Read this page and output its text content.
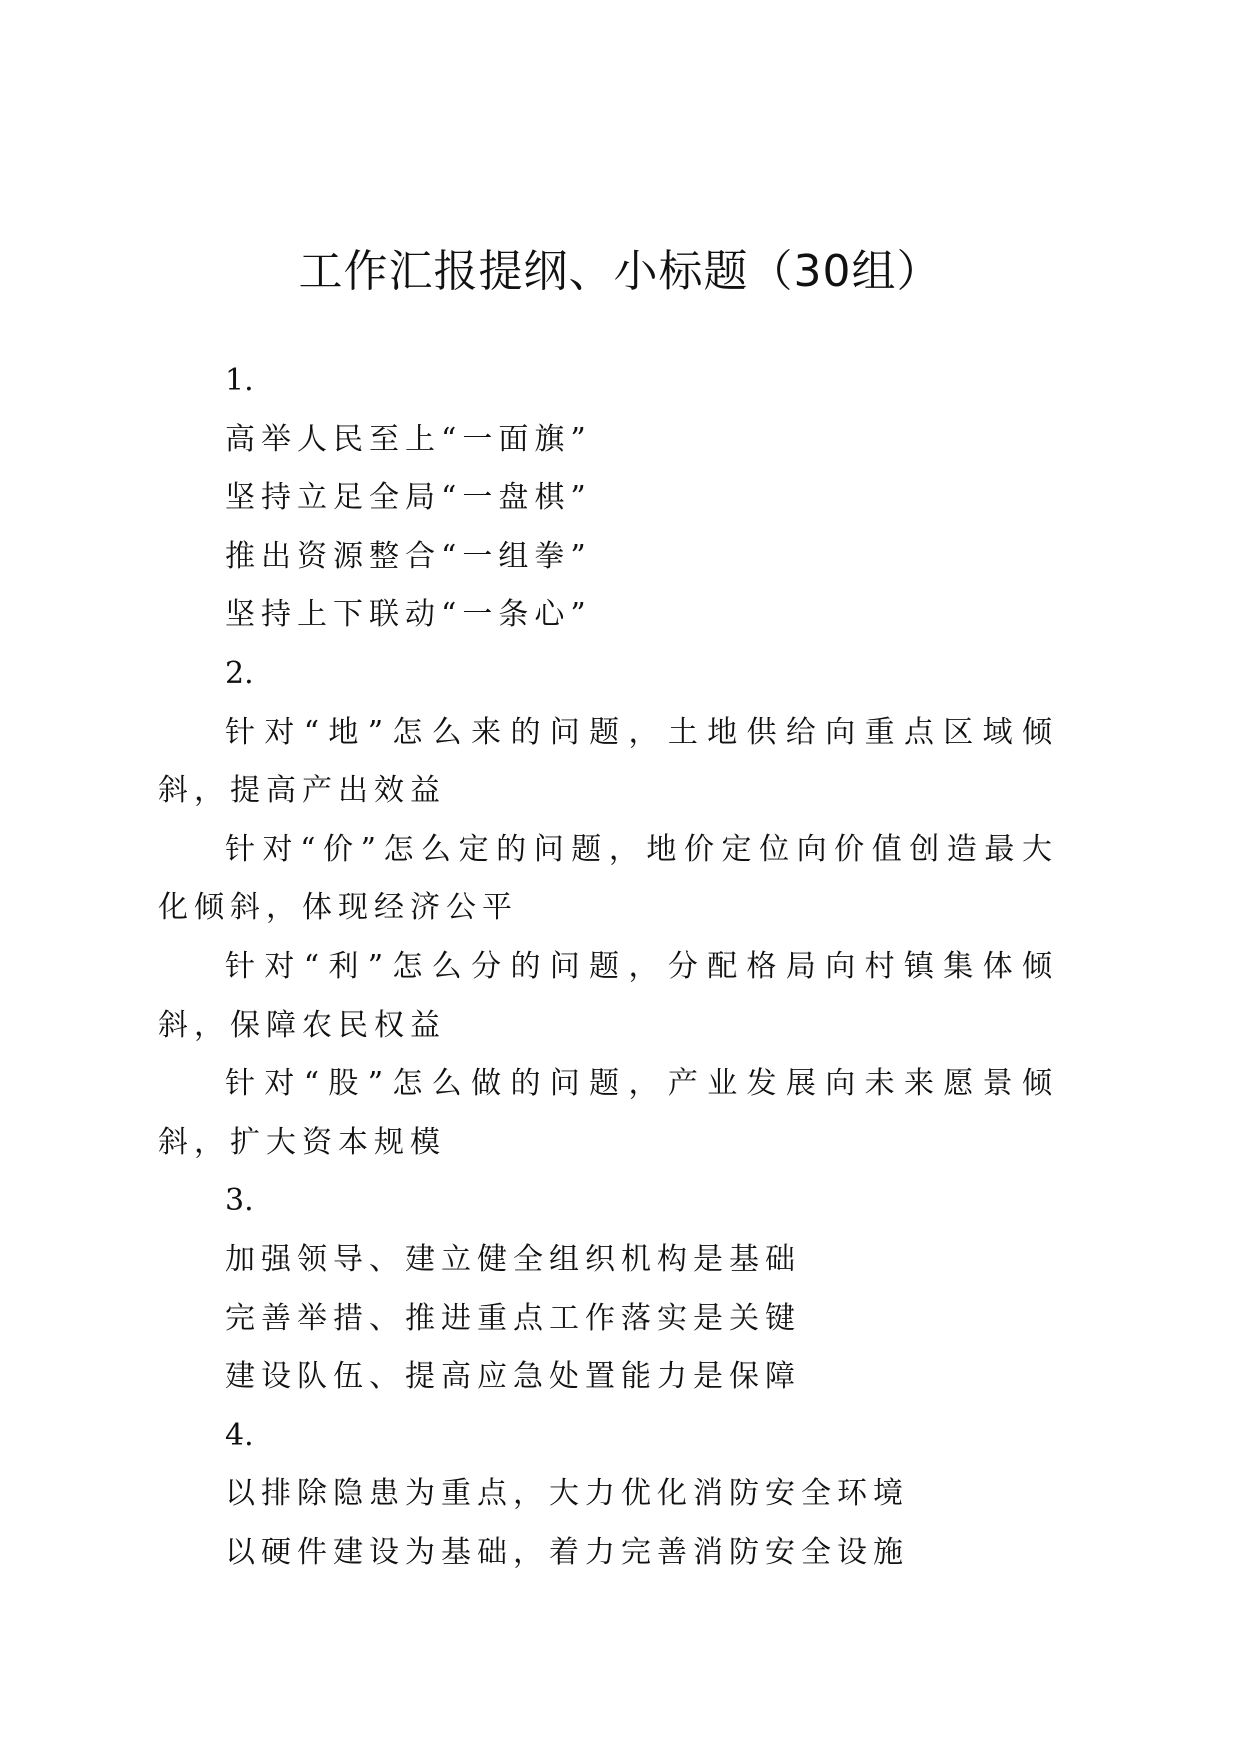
工作汇报提纲、小标题（30组）

1.

高举人民至上“一面旗”

坚持立足全局“一盘棋”

推出资源整合“一组拳”

坚持上下联动“一条心”

2.

针对“地”怎么来的问题，土地供给向重点区域倾斜，提高产出效益

针对“价”怎么定的问题，地价定位向价值创造最大化倾斜，体现经济公平

针对“利”怎么分的问题，分配格局向村镇集体倾斜，保障农民权益

针对“股”怎么做的问题，产业发展向未来愿景倾斜，扩大资本规模

3.

加强领导、建立健全组织机构是基础

完善举措、推进重点工作落实是关键

建设队伍、提高应急处置能力是保障

4.

以排除隐患为重点，大力优化消防安全环境

以硬件建设为基础，着力完善消防安全设施
